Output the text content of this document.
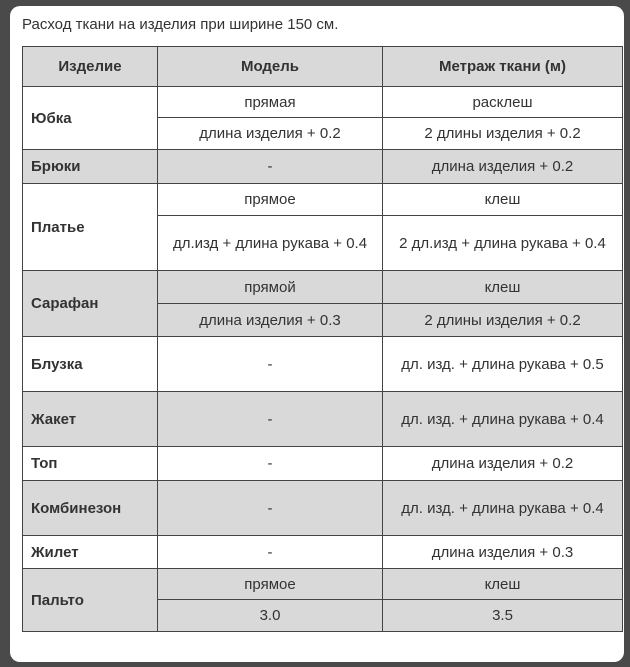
Расход ткани на изделия при ширине 150 см.
Изделие	Модель	Метраж ткани (м)
Юбка	прямая	расклеш
	длина изделия + 0.2	2 длины изделия + 0.2
Брюки	-	длина изделия + 0.2
Платье	прямое	клеш
	дл.изд + длина рукава + 0.4	2 дл.изд + длина рукава + 0.4
Сарафан	прямой	клеш
	длина изделия + 0.3	2 длины изделия + 0.2
Блузка	-	дл. изд. + длина рукава + 0.5
Жакет	-	дл. изд. + длина рукава + 0.4
Топ	-	длина изделия + 0.2
Комбинезон	-	дл. изд. + длина рукава + 0.4
Жилет	-	длина изделия + 0.3
Пальто	прямое	клеш
	3.0	3.5
